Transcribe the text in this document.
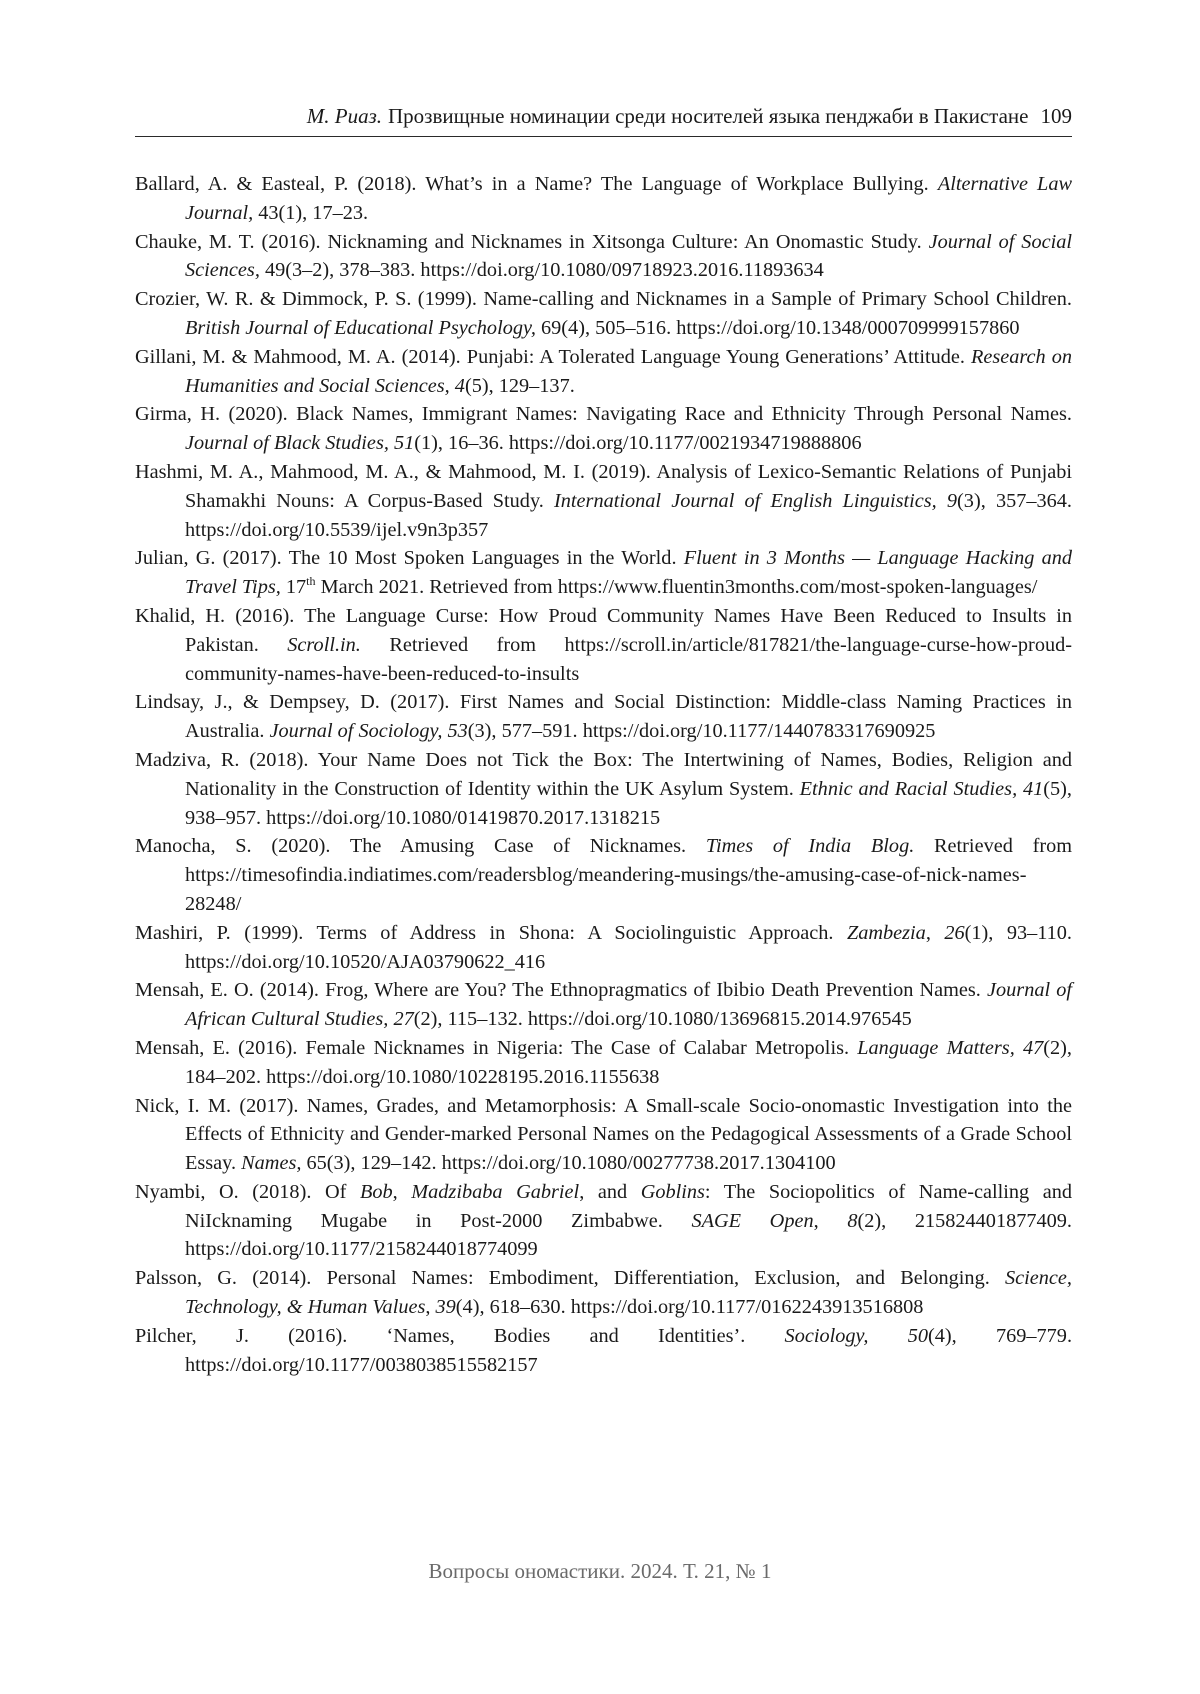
М. Риаз. Прозвищные номинации среди носителей языка пенджаби в Пакистане 109

Ballard, A. & Easteal, P. (2018). What’s in a Name? The Language of Workplace Bullying. Alternative Law Journal, 43(1), 17–23.

Chauke, M. T. (2016). Nicknaming and Nicknames in Xitsonga Culture: An Onomastic Study. Journal of Social Sciences, 49(3–2), 378–383. https://doi.org/10.1080/09718923.2016.11893634

Crozier, W. R. & Dimmock, P. S. (1999). Name-calling and Nicknames in a Sample of Primary School Children. British Journal of Educational Psychology, 69(4), 505–516. https://doi.org/10.1348/000709999157860

Gillani, M. & Mahmood, M. A. (2014). Punjabi: A Tolerated Language Young Generations’ Attitude. Research on Humanities and Social Sciences, 4(5), 129–137.

Girma, H. (2020). Black Names, Immigrant Names: Navigating Race and Ethnicity Through Personal Names. Journal of Black Studies, 51(1), 16–36. https://doi.org/10.1177/0021934719888806

Hashmi, M. A., Mahmood, M. A., & Mahmood, M. I. (2019). Analysis of Lexico-Semantic Relations of Punjabi Shamakhi Nouns: A Corpus-Based Study. International Journal of English Linguistics, 9(3), 357–364. https://doi.org/10.5539/ijel.v9n3p357

Julian, G. (2017). The 10 Most Spoken Languages in the World. Fluent in 3 Months — Language Hacking and Travel Tips, 17th March 2021. Retrieved from https://www.fluentin3months.com/most-spoken-languages/

Khalid, H. (2016). The Language Curse: How Proud Community Names Have Been Reduced to Insults in Pakistan. Scroll.in. Retrieved from https://scroll.in/article/817821/the-language-curse-how-proud-community-names-have-been-reduced-to-insults

Lindsay, J., & Dempsey, D. (2017). First Names and Social Distinction: Middle-class Naming Practices in Australia. Journal of Sociology, 53(3), 577–591. https://doi.org/10.1177/1440783317690925

Madziva, R. (2018). Your Name Does not Tick the Box: The Intertwining of Names, Bodies, Religion and Nationality in the Construction of Identity within the UK Asylum System. Ethnic and Racial Studies, 41(5), 938–957. https://doi.org/10.1080/01419870.2017.1318215

Manocha, S. (2020). The Amusing Case of Nicknames. Times of India Blog. Retrieved from https://timesofindia.indiatimes.com/readersblog/meandering-musings/the-amusing-case-of-nick-names-28248/

Mashiri, P. (1999). Terms of Address in Shona: A Sociolinguistic Approach. Zambezia, 26(1), 93–110. https://doi.org/10.10520/AJA03790622_416

Mensah, E. O. (2014). Frog, Where are You? The Ethnopragmatics of Ibibio Death Prevention Names. Journal of African Cultural Studies, 27(2), 115–132. https://doi.org/10.1080/13696815.2014.976545

Mensah, E. (2016). Female Nicknames in Nigeria: The Case of Calabar Metropolis. Language Matters, 47(2), 184–202. https://doi.org/10.1080/10228195.2016.1155638

Nick, I. M. (2017). Names, Grades, and Metamorphosis: A Small-scale Socio-onomastic Investigation into the Effects of Ethnicity and Gender-marked Personal Names on the Pedagogical Assessments of a Grade School Essay. Names, 65(3), 129–142. https://doi.org/10.1080/00277738.2017.1304100

Nyambi, O. (2018). Of Bob, Madzibaba Gabriel, and Goblins: The Sociopolitics of Name-calling and NiIcknaming Mugabe in Post-2000 Zimbabwe. SAGE Open, 8(2), 215824401877409. https://doi.org/10.1177/2158244018774099

Palsson, G. (2014). Personal Names: Embodiment, Differentiation, Exclusion, and Belonging. Science, Technology, & Human Values, 39(4), 618–630. https://doi.org/10.1177/0162243913516808

Pilcher, J. (2016). ‘Names, Bodies and Identities’. Sociology, 50(4), 769–779. https://doi.org/10.1177/0038038515582157

Вопросы ономастики. 2024. Т. 21, № 1
